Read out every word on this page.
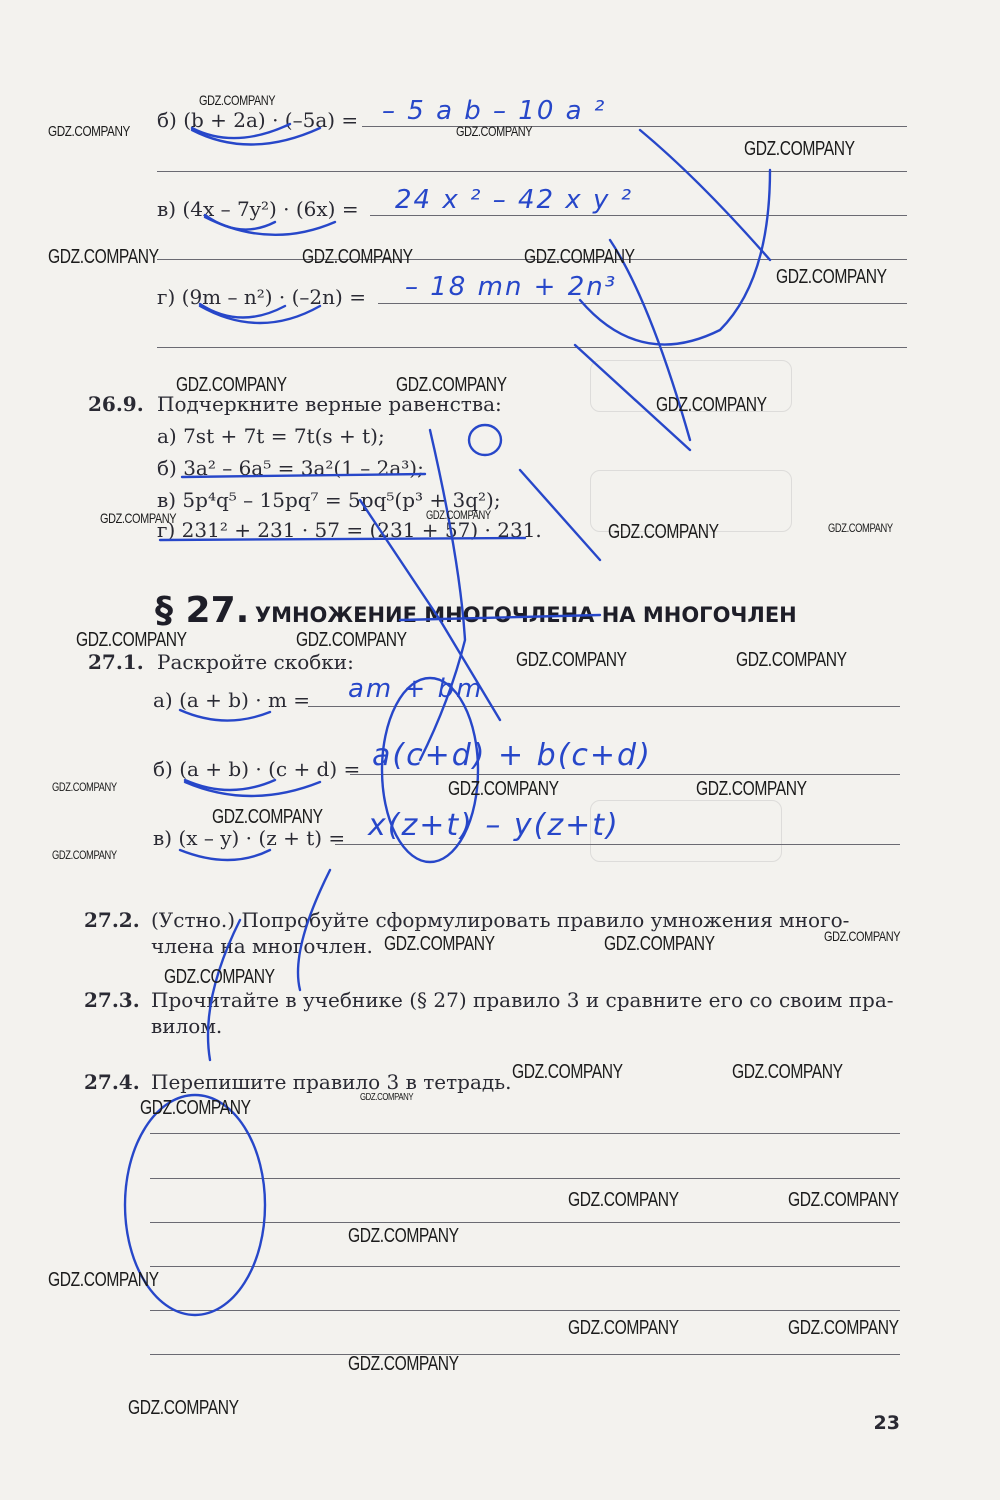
б) (b + 2a) · (–5a) = – 5 a b – 10 a ²
в) (4x – 7y²) · (6x) = 24 x ² – 42 x y ²
г) (9m – n²) · (–2n) = – 18 mn + 2n³
26.9. Подчеркните верные равенства:
а) 7st + 7t = 7t(s + t);
б) 3a² – 6a⁵ = 3a²(1 – 2a³);
в) 5p⁴q⁵ – 15pq⁷ = 5pq⁵(p³ + 3q²);
г) 231² + 231 · 57 = (231 + 57) · 231.
§ 27. УМНОЖЕНИЕ МНОГОЧЛЕНА НА МНОГОЧЛЕН
27.1. Раскройте скобки:
а) (a + b) · m = am + bm
б) (a + b) · (c + d) = a(c+d) + b(c+d)
в) (x – y) · (z + t) = x(z+t) – y(z+t)
27.2. (Устно.) Попробуйте сформулировать правило умножения много-
члена на многочлен.
27.3. Прочитайте в учебнике (§ 27) правило 3 и сравните его со своим пра-
вилом.
27.4. Перепишите правило 3 в тетрадь.
23
GDZ.COMPANY
GDZ.COMPANY	GDZ.COMPANY
GDZ.COMPANY
GDZ.COMPANY	GDZ.COMPANY	GDZ.COMPANY
GDZ.COMPANY
GDZ.COMPANY	GDZ.COMPANY
GDZ.COMPANY
GDZ.COMPANY	GDZ.COMPANY
GDZ.COMPANY	GDZ.COMPANY
GDZ.COMPANY	GDZ.COMPANY
GDZ.COMPANY	GDZ.COMPANY
GDZ.COMPANY	GDZ.COMPANY	GDZ.COMPANY
GDZ.COMPANY
GDZ.COMPANY
GDZ.COMPANY	GDZ.COMPANY	GDZ.COMPANY
GDZ.COMPANY
GDZ.COMPANY	GDZ.COMPANY
GDZ.COMPANY
GDZ.COMPANY
GDZ.COMPANY	GDZ.COMPANY
GDZ.COMPANY
GDZ.COMPANY
GDZ.COMPANY	GDZ.COMPANY
GDZ.COMPANY
GDZ.COMPANY
